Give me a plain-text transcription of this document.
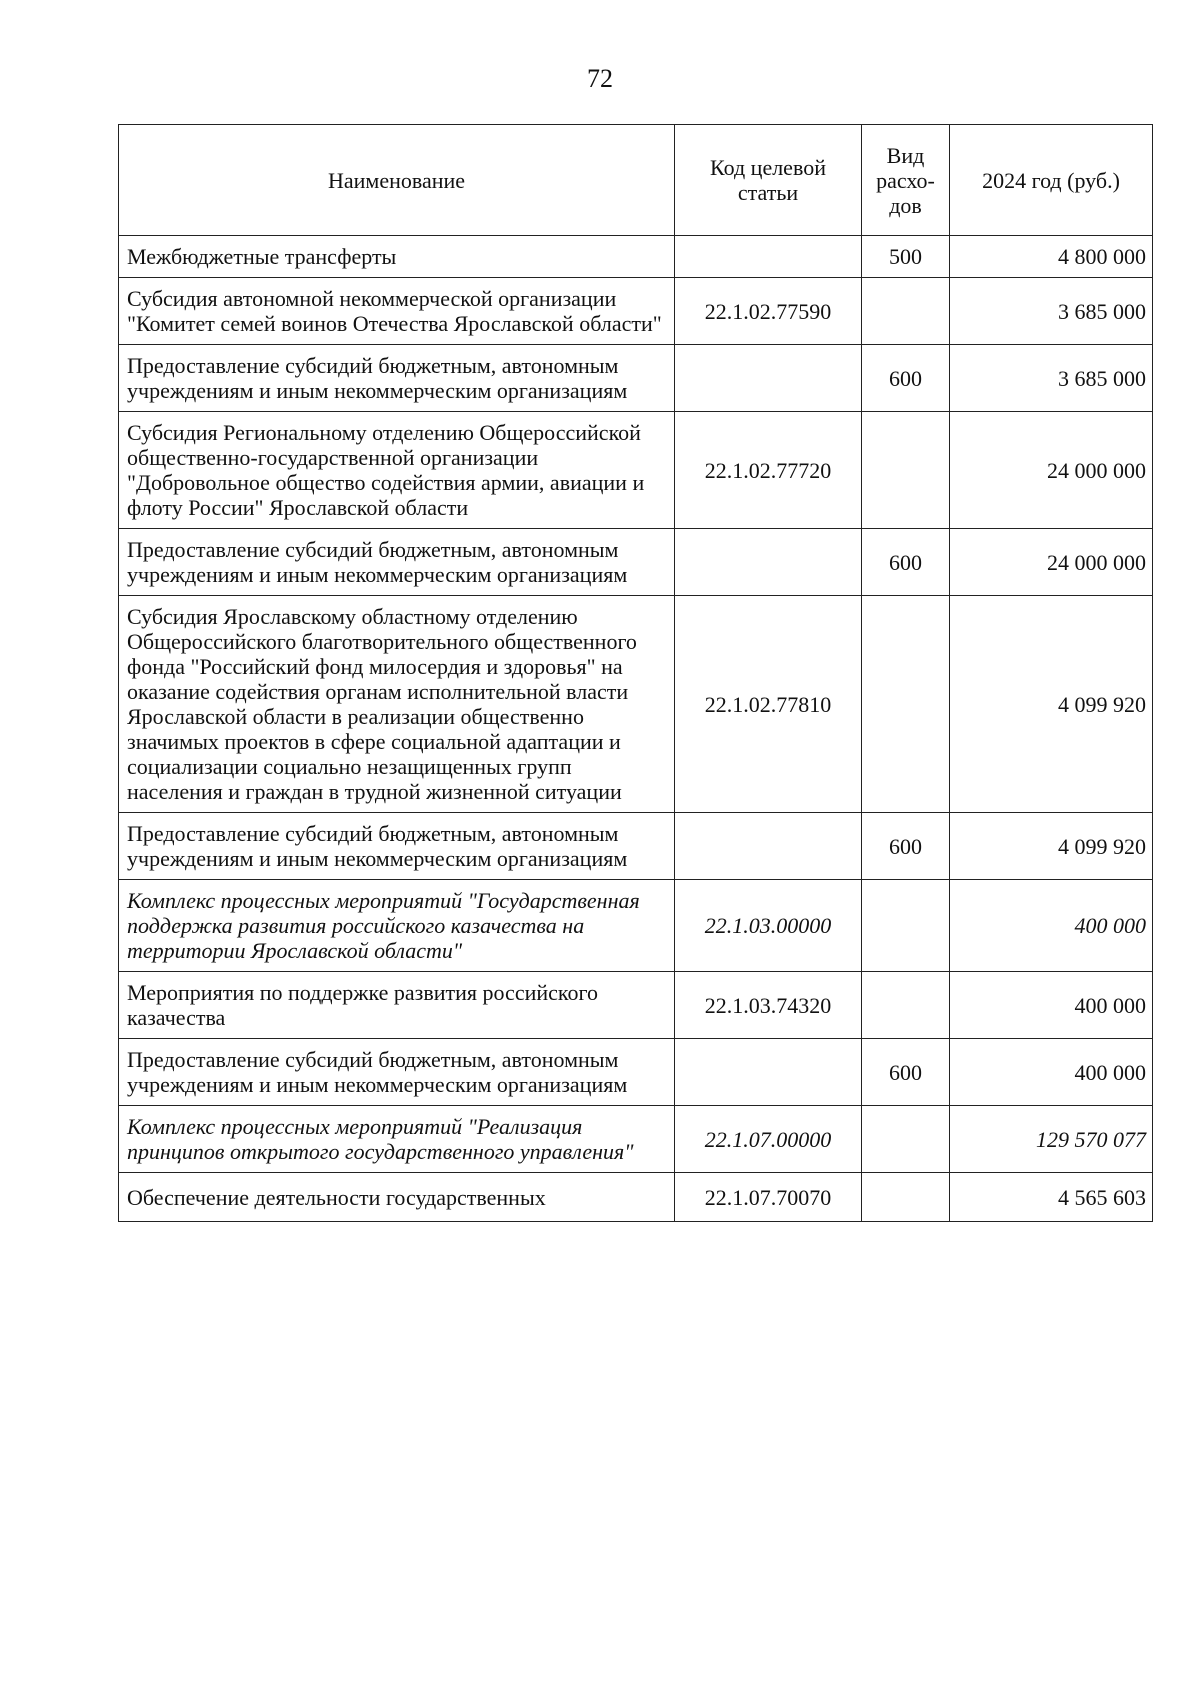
72
Наименование	Код целевой статьи	Вид расхо-дов	2024 год (руб.)
Межбюджетные трансферты		500	4 800 000
Субсидия автономной некоммерческой организации "Комитет семей воинов Отечества Ярославской области"	22.1.02.77590		3 685 000
Предоставление субсидий бюджетным, автономным учреждениям и иным некоммерческим организациям		600	3 685 000
Субсидия Региональному отделению Общероссийской общественно-государственной организации "Добровольное общество содействия армии, авиации и флоту России" Ярославской области	22.1.02.77720		24 000 000
Предоставление субсидий бюджетным, автономным учреждениям и иным некоммерческим организациям		600	24 000 000
Субсидия Ярославскому областному отделению Общероссийского благотворительного общественного фонда "Российский фонд милосердия и здоровья" на оказание содействия органам исполнительной власти Ярославской области в реализации общественно значимых проектов в сфере социальной адаптации и социализации социально незащищенных групп населения и граждан в трудной жизненной ситуации	22.1.02.77810		4 099 920
Предоставление субсидий бюджетным, автономным учреждениям и иным некоммерческим организациям		600	4 099 920
Комплекс процессных мероприятий "Государственная поддержка развития российского казачества на территории Ярославской области"	22.1.03.00000		400 000
Мероприятия по поддержке развития российского казачества	22.1.03.74320		400 000
Предоставление субсидий бюджетным, автономным учреждениям и иным некоммерческим организациям		600	400 000
Комплекс процессных мероприятий "Реализация принципов открытого государственного управления"	22.1.07.00000		129 570 077
Обеспечение деятельности государственных	22.1.07.70070		4 565 603
